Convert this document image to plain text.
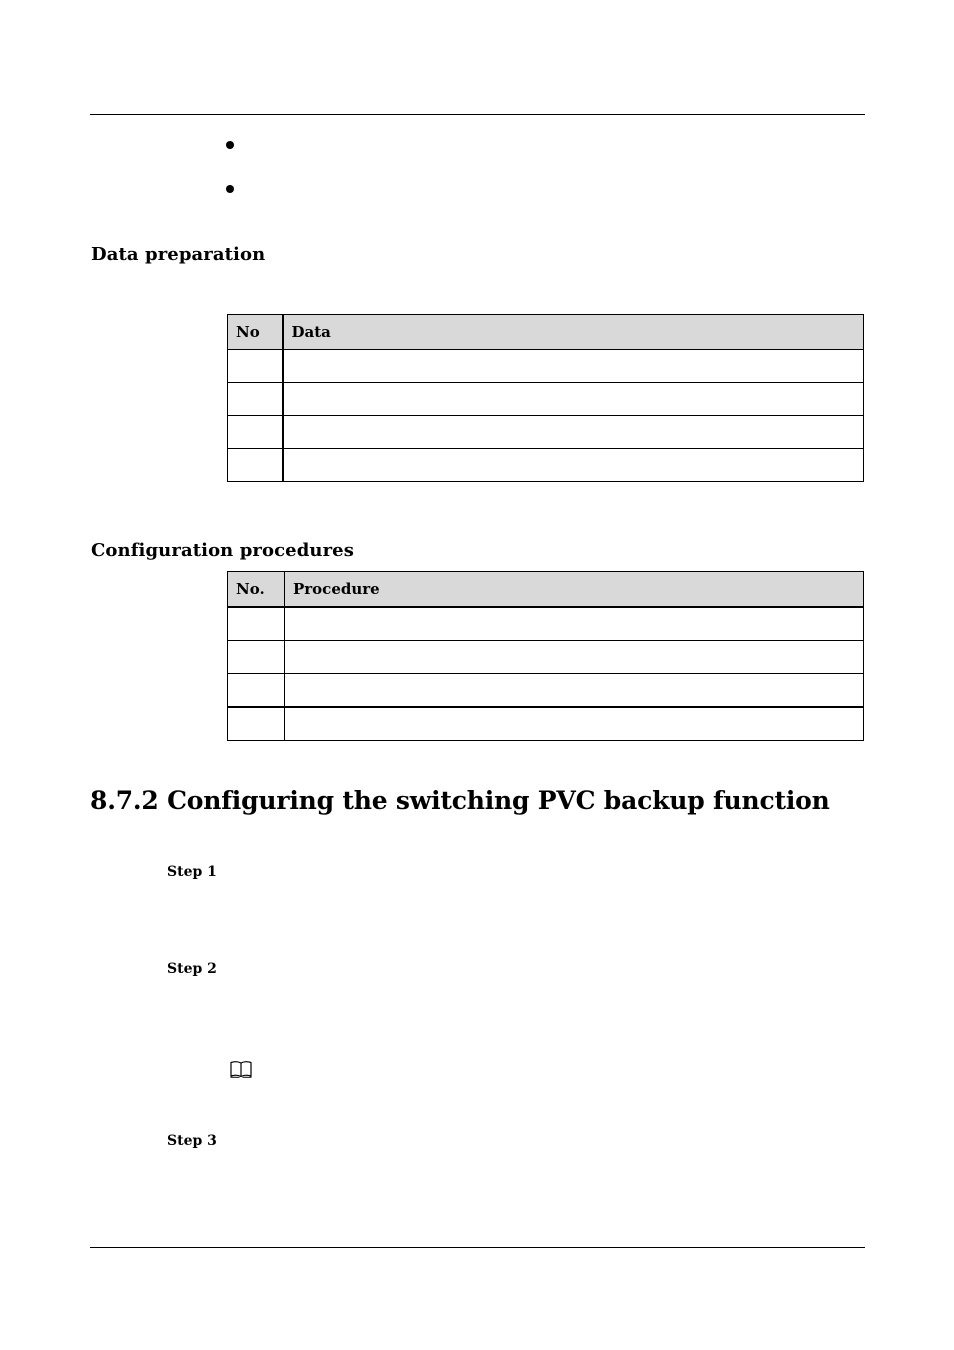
Data preparation
No	Data

Configuration procedures
No.	Procedure

8.7.2 Configuring the switching PVC backup function
Step 1
Step 2
Step 3
